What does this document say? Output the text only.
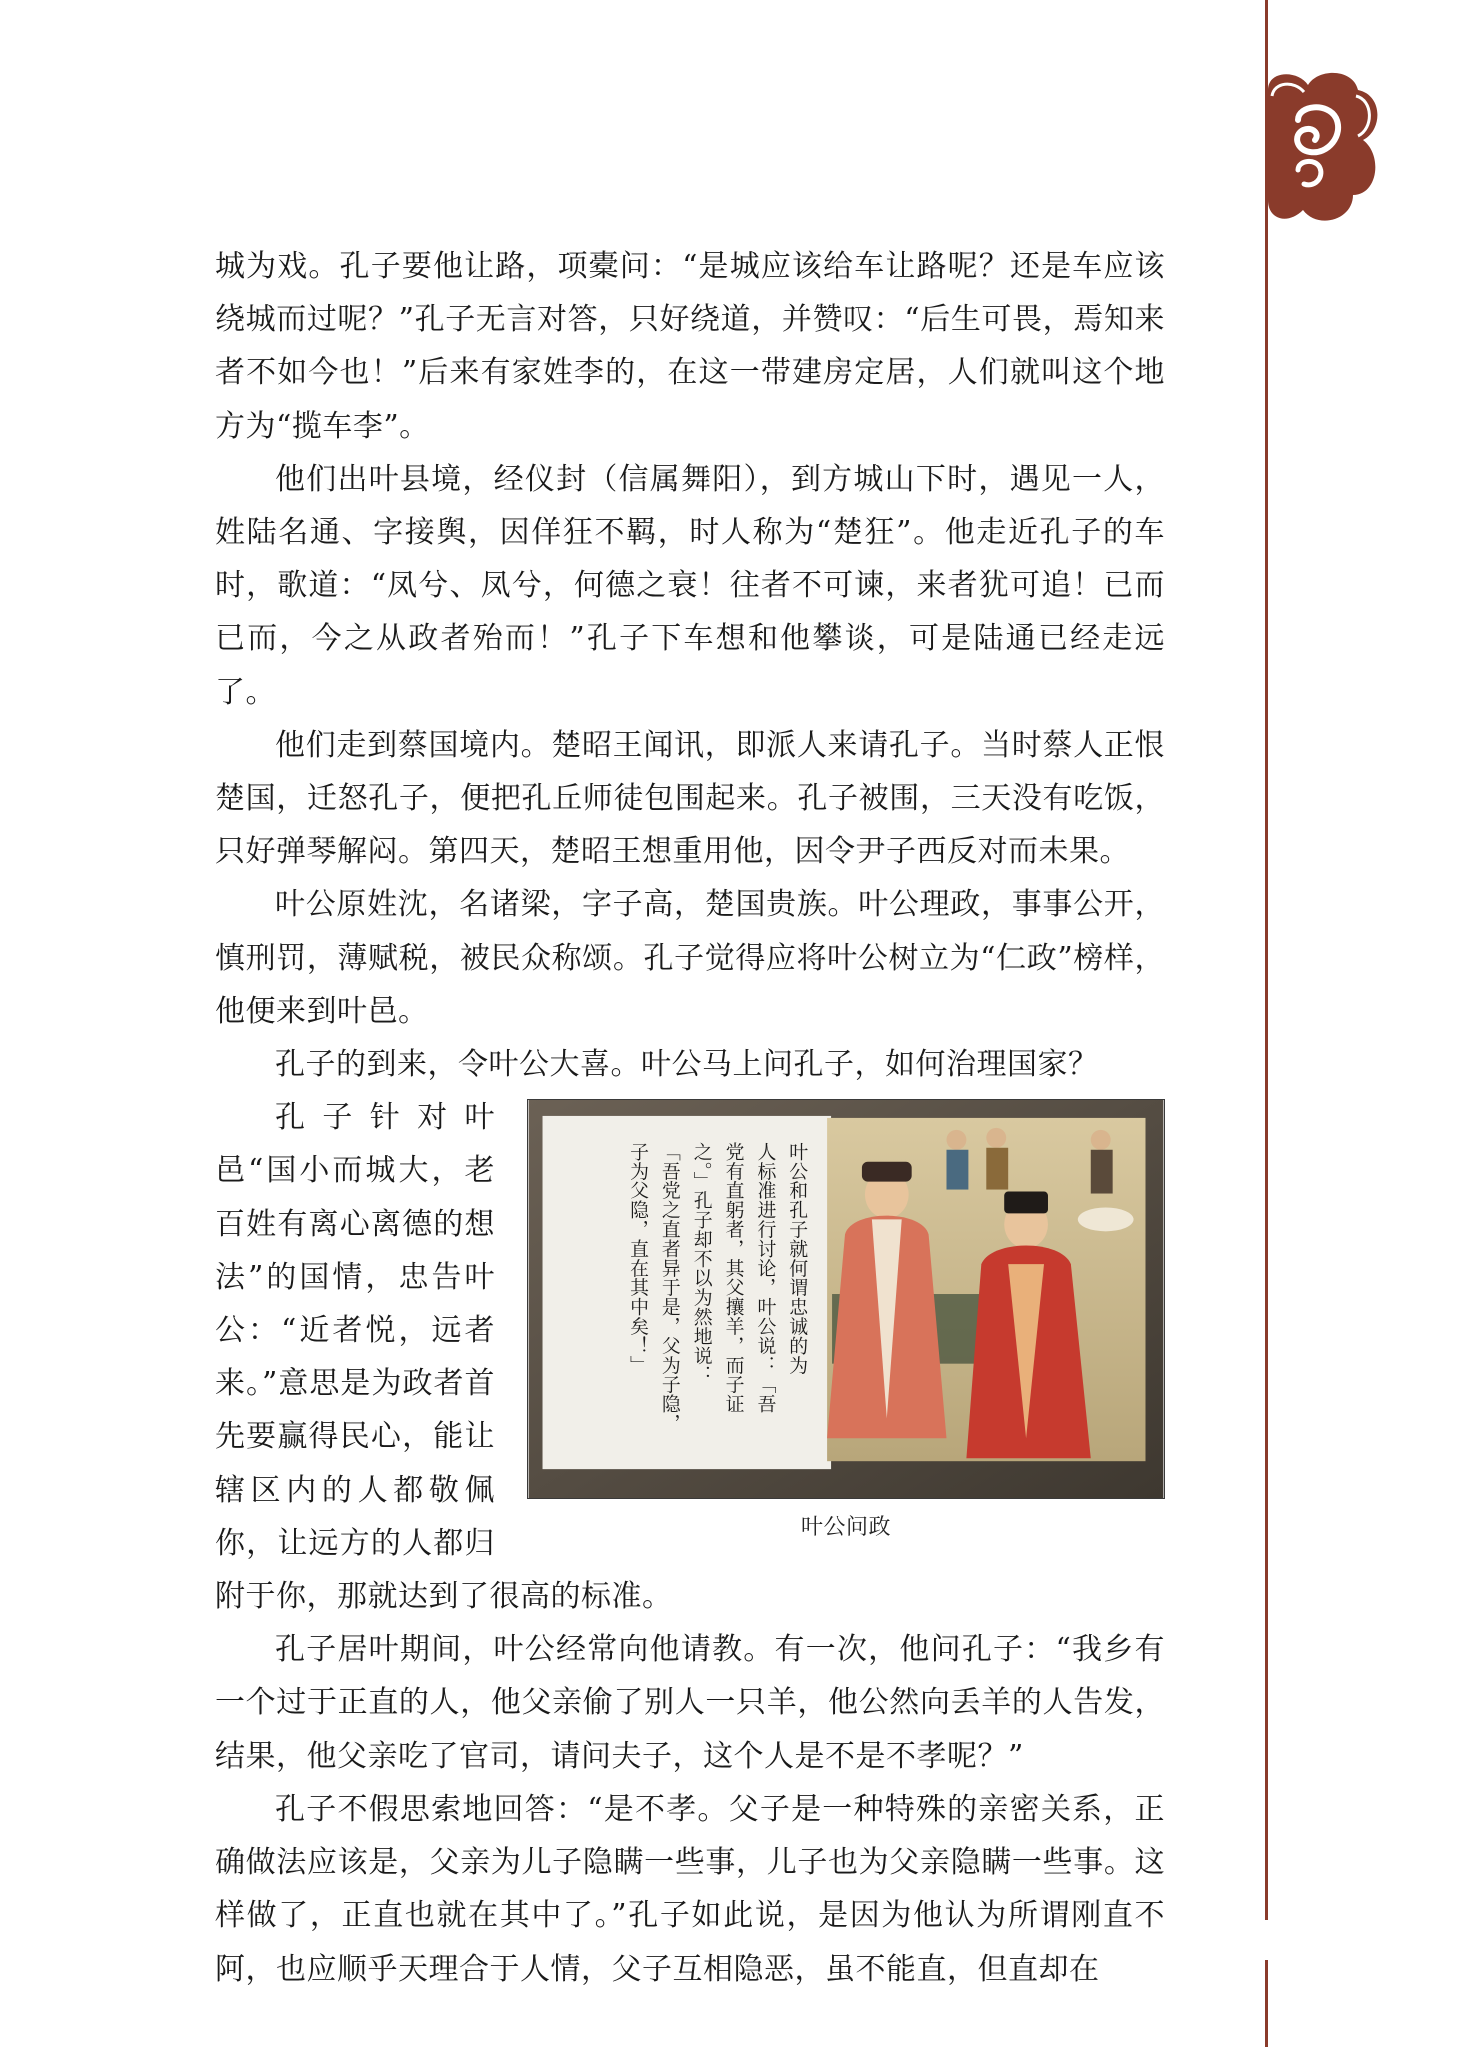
城为戏。孔子要他让路，项橐问：“是城应该给车让路呢？还是车应该绕城而过呢？”孔子无言对答，只好绕道，并赞叹：“后生可畏，焉知来者不如今也！”后来有家姓李的，在这一带建房定居，人们就叫这个地方为“揽车李”。

他们出叶县境，经仪封（信属舞阳），到方城山下时，遇见一人，姓陆名通、字接舆，因佯狂不羁，时人称为“楚狂”。他走近孔子的车时，歌道：“凤兮、凤兮，何德之衰！往者不可谏，来者犹可追！已而已而，今之从政者殆而！”孔子下车想和他攀谈，可是陆通已经走远了。

他们走到蔡国境内。楚昭王闻讯，即派人来请孔子。当时蔡人正恨楚国，迁怒孔子，便把孔丘师徒包围起来。孔子被围，三天没有吃饭，只好弹琴解闷。第四天，楚昭王想重用他，因令尹子西反对而未果。

叶公原姓沈，名诸梁，字子高，楚国贵族。叶公理政，事事公开，慎刑罚，薄赋税，被民众称颂。孔子觉得应将叶公树立为“仁政”榜样，他便来到叶邑。

孔子的到来，令叶公大喜。叶公马上问孔子，如何治理国家？

叶公和孔子就何谓忠诚的为
人标准进行讨论，叶公说：「吾
党有直躬者，其父攘羊，而子证
之。」孔子却不以为然地说：
「吾党之直者异于是，父为子隐，
子为父隐，直在其中矣！」
叶公问政

孔子针对叶邑“国小而城大，老百姓有离心离德的想法”的国情，忠告叶公：“近者悦，远者来。”意思是为政者首先要赢得民心，能让辖区内的人都敬佩你，让远方的人都归附于你，那就达到了很高的标准。

孔子居叶期间，叶公经常向他请教。有一次，他问孔子：“我乡有一个过于正直的人，他父亲偷了别人一只羊，他公然向丢羊的人告发，结果，他父亲吃了官司，请问夫子，这个人是不是不孝呢？”

孔子不假思索地回答：“是不孝。父子是一种特殊的亲密关系，正确做法应该是，父亲为儿子隐瞒一些事，儿子也为父亲隐瞒一些事。这样做了，正直也就在其中了。”孔子如此说，是因为他认为所谓刚直不阿，也应顺乎天理合于人情，父子互相隐恶，虽不能直，但直却在
